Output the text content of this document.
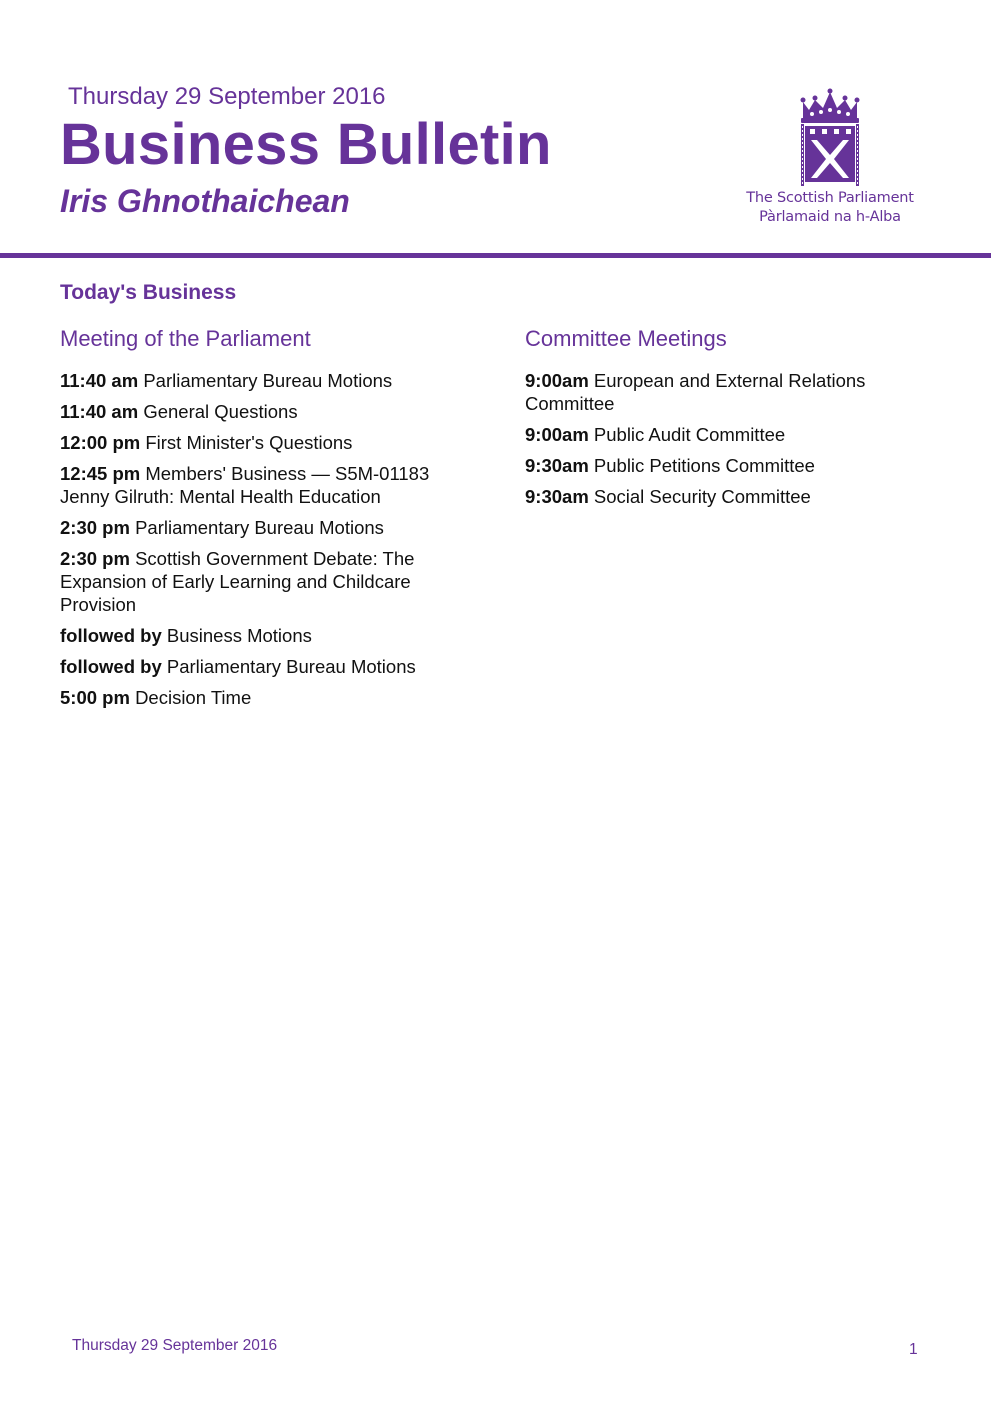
Thursday 29 September 2016
Business Bulletin
Iris Ghnothaichean	The Scottish Parliament
Pàrlamaid na h-Alba
Today's Business
Meeting of the Parliament
11:40 am Parliamentary Bureau Motions
11:40 am General Questions
12:00 pm First Minister's Questions
12:45 pm Members' Business — S5M-01183 Jenny Gilruth: Mental Health Education
2:30 pm Parliamentary Bureau Motions
2:30 pm Scottish Government Debate: The Expansion of Early Learning and Childcare Provision
followed by Business Motions
followed by Parliamentary Bureau Motions
5:00 pm Decision Time
Committee Meetings
9:00am European and External Relations Committee
9:00am Public Audit Committee
9:30am Public Petitions Committee
9:30am Social Security Committee
Thursday 29 September 2016	1
